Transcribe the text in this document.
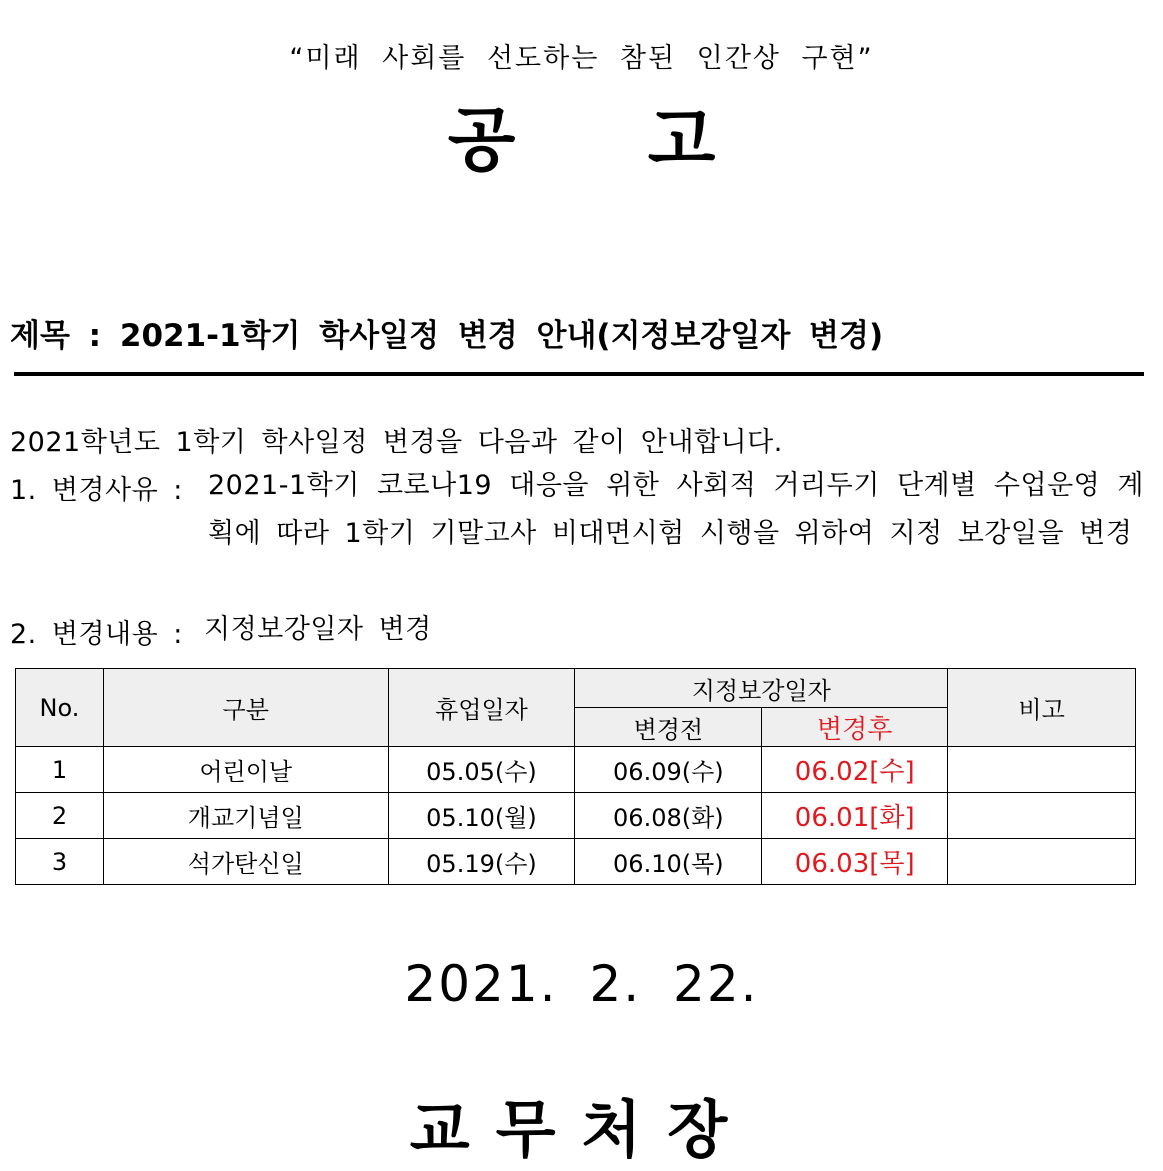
“미래 사회를 선도하는 참된 인간상 구현”
공 고
제목 : 2021-1학기 학사일정 변경 안내(지정보강일자 변경)
2021학년도 1학기 학사일정 변경을 다음과 같이 안내합니다.
1. 변경사유 : 2021-1학기 코로나19 대응을 위한 사회적 거리두기 단계별 수업운영 계획에 따라 1학기 기말고사 비대면시험 시행을 위하여 지정 보강일을 변경
2. 변경내용 : 지정보강일자 변경
No.	구분	휴업일자	지정보강일자		비고
			변경전	변경후	
1	어린이날	05.05(수)	06.09(수)	06.02[수]	
2	개교기념일	05.10(월)	06.08(화)	06.01[화]	
3	석가탄신일	05.19(수)	06.10(목)	06.03[목]	
2021. 2. 22.
교무처장
